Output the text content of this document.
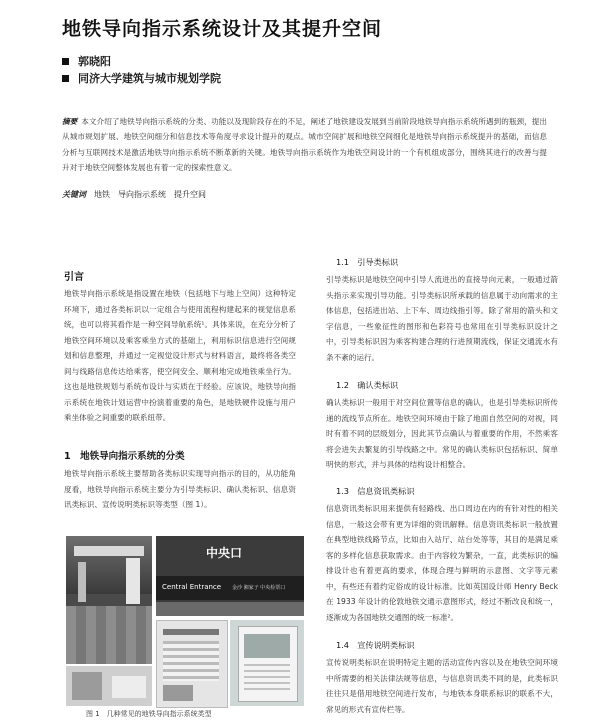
地铁导向指示系统设计及其提升空间
郭晓阳
同济大学建筑与城市规划学院
摘要 本文介绍了地铁导向指示系统的分类、功能以及现阶段存在的不足，阐述了地铁建设发展到当前阶段地铁导向指示系统所遇到的瓶颈，提出从城市规划扩展、地铁空间细分和信息技术等角度寻求设计提升的观点。城市空间扩展和地铁空间细化是地铁导向指示系统提升的基础，而信息分析与互联网技术是激活地铁导向指示系统不断革新的关键。地铁导向指示系统作为地铁空间设计的一个有机组成部分，围绕其进行的改善与提升对于地铁空间整体发展也有着一定的探索性意义。
关键词 地铁　导向指示系统　提升空间
引言
地铁导向指示系统是指设置在地铁（包括地下与地上空间）这种特定环境下，通过各类标识以一定组合与使用流程构建起来的视觉信息系统，也可以将其看作是一种空间导航系统¹。具体来说，在充分分析了地铁空间环境以及乘客乘坐方式的基础上，利用标识信息进行空间规划和信息整理，并通过一定视觉设计形式与材料语言，最终将各类空间与线路信息传达给乘客，使空间安全、顺利地完成地铁乘坐行为。这也是地铁规划与系统布设计与实质在于经验。应该说，地铁导向指示系统在地铁计划运营中扮演着重要的角色，是地铁硬件设施与用户乘坐体验之间重要的联系纽带。
1　地铁导向指示系统的分类
地铁导向指示系统主要帮助各类标识实现导向指示的目的，从功能角度看，地铁导向指示系统主要分为引导类标识、确认类标识、信息资讯类标识、宣传说明类标识等类型（图 1）。
中央口
Central Entrance 金沙 湘家子 中央检票口
图 1　几种常见的地铁导向指示系统类型
1.1　引导类标识
引导类标识是地铁空间中引导人流进出的直接导向元素，一般通过箭头指示来实现引导功能。引导类标识所承载的信息属于动向需求的主体信息，包括进出站、上下车、周边线指引等。除了常用的箭头和文字信息，一些象征性的图形和色彩符号也常用在引导类标识设计之中，引导类标识因为乘客构建合理的行进预期流线，保证交通流水有条不紊的运行。
1.2　确认类标识
确认类标识一般用于对空间位置等信息的确认，也是引导类标识所传递的流线节点所在。地铁空间环境由于除了地面自然空间的对视，同时有着不同的层级划分，因此其节点确认与着重要的作用，不然乘客将会进失去繁复的引导线路之中。常见的确认类标识包括标识、简单明快的形式，并与具体的结构设计相整合。
1.3　信息资讯类标识
信息资讯类标识用来提供有轻路线、出口周边在内的有针对性的相关信息，一般这会带有更为详细的资讯解释。信息资讯类标识一般放置在典型地铁线路节点，比如由入站厅、站台处等等，其目的是满足乘客的多样化信息获取需求。由于内容较为繁杂，一直，此类标识的编排设计也有着更高的要求，体现合理与鲜明的示意图、文字等元素中，有些还有着约定俗成的设计标准。比如英国设计师 Henry Beck 在 1933 年设计的伦敦地铁交通示意图形式，经过不断改良和统一，逐渐成为各国地铁交通图的统一标准²。
1.4　宣传说明类标识
宣传说明类标识在说明特定主题的活动宣传内容以及在地铁空间环境中所需要的相关法律法规等信息，与信息资讯类不同的是，此类标识往往只是借用地铁空间进行发布，与地铁本身联系标识的联系不大，常见的形式有宣传栏等。
